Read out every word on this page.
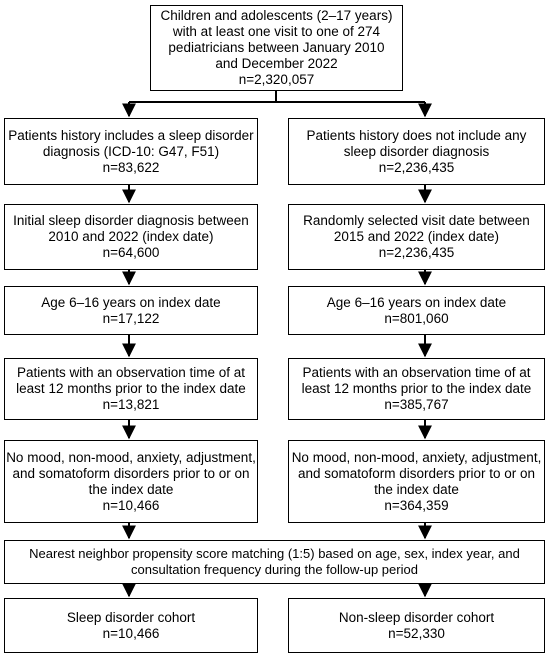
Children and adolescents (2–17 years)
with at least one visit to one of 274
pediatricians between January 2010
and December 2022
n=2,320,057
Patients history includes a sleep disorder
diagnosis (ICD-10: G47, F51)
n=83,622
Initial sleep disorder diagnosis between
2010 and 2022 (index date)
n=64,600
Age 6–16 years on index date
n=17,122
Patients with an observation time of at
least 12 months prior to the index date
n=13,821
No mood, non-mood, anxiety, adjustment,
and somatoform disorders prior to or on
the index date
n=10,466
Patients history does not include any
sleep disorder diagnosis
n=2,236,435
Randomly selected visit date between
2015 and 2022 (index date)
n=2,236,435
Age 6–16 years on index date
n=801,060
Patients with an observation time of at
least 12 months prior to the index date
n=385,767
No mood, non-mood, anxiety, adjustment,
and somatoform disorders prior to or on
the index date
n=364,359
Nearest neighbor propensity score matching (1:5) based on age, sex, index year, and
consultation frequency during the follow-up period
Sleep disorder cohort
n=10,466
Non-sleep disorder cohort
n=52,330
